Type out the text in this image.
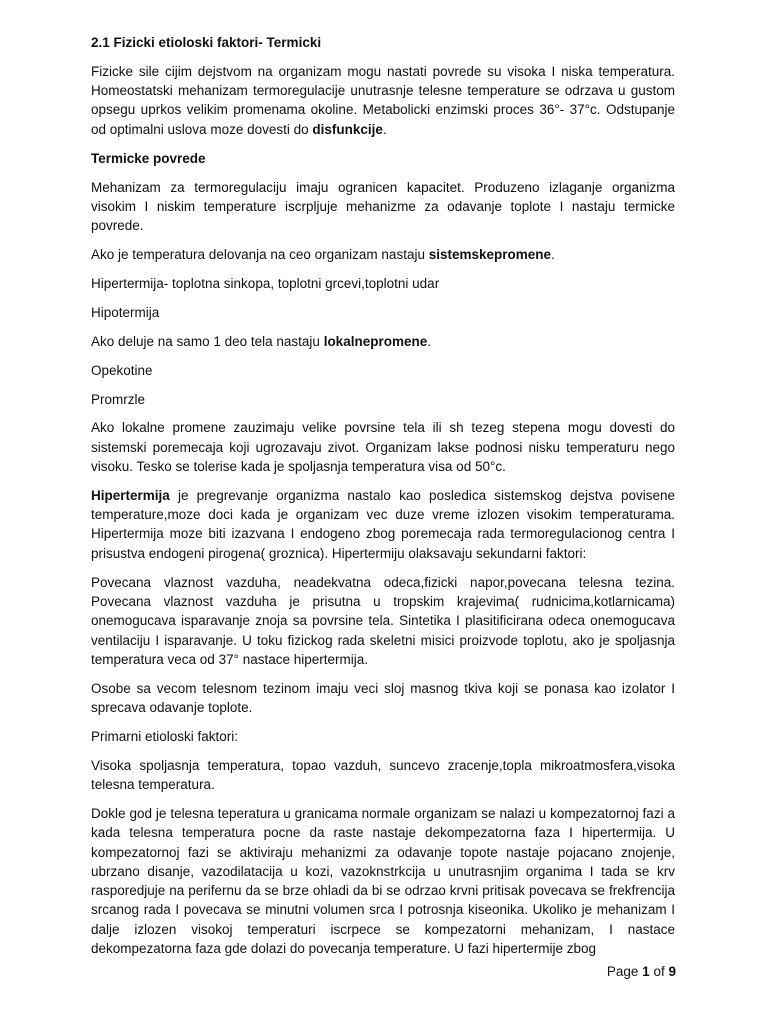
2.1 Fizicki etioloski faktori- Termicki

Fizicke sile cijim dejstvom na organizam mogu nastati povrede su visoka I niska temperatura. Homeostatski mehanizam termoregulacije unutrasnje telesne temperature se odrzava u gustom opsegu uprkos velikim promenama okoline. Metabolicki enzimski proces 36°- 37°c. Odstupanje od optimalni uslova moze dovesti do disfunkcije.

Termicke povrede

Mehanizam za termoregulaciju imaju ogranicen kapacitet. Produzeno izlaganje organizma visokim I niskim temperature iscrpljuje mehanizme za odavanje toplote I nastaju termicke povrede.

Ako je temperatura delovanja na ceo organizam nastaju sistemskepromene.

Hipertermija- toplotna sinkopa, toplotni grcevi,toplotni udar

Hipotermija

Ako deluje na samo 1 deo tela nastaju lokalnepromene.

Opekotine

Promrzle

Ako lokalne promene zauzimaju velike povrsine tela ili sh tezeg stepena mogu dovesti do sistemski poremecaja koji ugrozavaju zivot. Organizam lakse podnosi nisku temperaturu nego visoku. Tesko se tolerise kada je spoljasnja temperatura visa od 50°c.

Hipertermija je pregrevanje organizma nastalo kao posledica sistemskog dejstva povisene temperature,moze doci kada je organizam vec duze vreme izlozen visokim temperaturama. Hipertermija moze biti izazvana I endogeno zbog poremecaja rada termoregulacionog centra I prisustva endogeni pirogena( groznica). Hipertermiju olaksavaju sekundarni faktori:

Povecana vlaznost vazduha, neadekvatna odeca,fizicki napor,povecana telesna tezina. Povecana vlaznost vazduha je prisutna u tropskim krajevima( rudnicima,kotlarnicama) onemogucava isparavanje znoja sa povrsine tela. Sintetika I plasitificirana odeca onemogucava ventilaciju I isparavanje. U toku fizickog rada skeletni misici proizvode toplotu, ako je spoljasnja temperatura veca od 37° nastace hipertermija.

Osobe sa vecom telesnom tezinom imaju veci sloj masnog tkiva koji se ponasa kao izolator I sprecava odavanje toplote.

Primarni etioloski faktori:

Visoka spoljasnja temperatura, topao vazduh, suncevo zracenje,topla mikroatmosfera,visoka telesna temperatura.

Dokle god je telesna teperatura u granicama normale organizam se nalazi u kompezatornoj fazi a kada telesna temperatura pocne da raste nastaje dekompezatorna faza I hipertermija. U kompezatornoj fazi se aktiviraju mehanizmi za odavanje topote nastaje pojacano znojenje, ubrzano disanje, vazodilatacija u kozi, vazoknstrkcija u unutrasnjim organima I tada se krv rasporedjuje na perifernu da se brze ohladi da bi se odrzao krvni pritisak povecava se frekfrencija srcanog rada I povecava se minutni volumen srca I potrosnja kiseonika. Ukoliko je mehanizam I dalje izlozen visokoj temperaturi iscrpece se kompezatorni mehanizam, I nastace dekompezatorna faza gde dolazi do povecanja temperature. U fazi hipertermije zbog

Page 1 of 9
